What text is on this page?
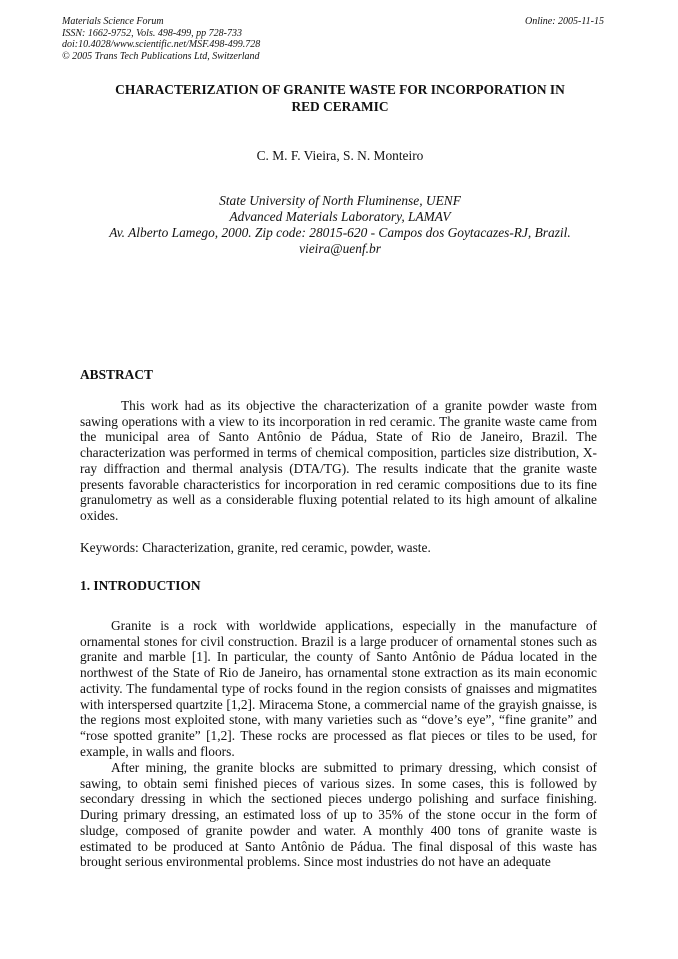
Materials Science Forum
ISSN: 1662-9752, Vols. 498-499, pp 728-733
doi:10.4028/www.scientific.net/MSF.498-499.728
© 2005 Trans Tech Publications Ltd, Switzerland
Online: 2005-11-15
CHARACTERIZATION OF GRANITE WASTE FOR INCORPORATION IN
RED CERAMIC
C. M. F. Vieira, S. N. Monteiro
State University of North Fluminense, UENF
Advanced Materials Laboratory, LAMAV
Av. Alberto Lamego, 2000. Zip code: 28015-620 - Campos dos Goytacazes-RJ, Brazil.
vieira@uenf.br
ABSTRACT

This work had as its objective the characterization of a granite powder waste from sawing operations with a view to its incorporation in red ceramic. The granite waste came from the municipal area of Santo Antônio de Pádua, State of Rio de Janeiro, Brazil. The characterization was performed in terms of chemical composition, particles size distribution, X-ray diffraction and thermal analysis (DTA/TG). The results indicate that the granite waste presents favorable characteristics for incorporation in red ceramic compositions due to its fine granulometry as well as a considerable fluxing potential related to its high amount of alkaline oxides.

Keywords: Characterization, granite, red ceramic, powder, waste.

1. INTRODUCTION

Granite is a rock with worldwide applications, especially in the manufacture of ornamental stones for civil construction. Brazil is a large producer of ornamental stones such as granite and marble [1]. In particular, the county of Santo Antônio de Pádua located in the northwest of the State of Rio de Janeiro, has ornamental stone extraction as its main economic activity. The fundamental type of rocks found in the region consists of gnaisses and migmatites with interspersed quartzite [1,2]. Miracema Stone, a commercial name of the grayish gnaisse, is the regions most exploited stone, with many varieties such as “dove’s eye”, “fine granite” and “rose spotted granite” [1,2]. These rocks are processed as flat pieces or tiles to be used, for example, in walls and floors.

After mining, the granite blocks are submitted to primary dressing, which consist of sawing, to obtain semi finished pieces of various sizes. In some cases, this is followed by secondary dressing in which the sectioned pieces undergo polishing and surface finishing. During primary dressing, an estimated loss of up to 35% of the stone occur in the form of sludge, composed of granite powder and water. A monthly 400 tons of granite waste is estimated to be produced at Santo Antônio de Pádua. The final disposal of this waste has brought serious environmental problems. Since most industries do not have an adequate
